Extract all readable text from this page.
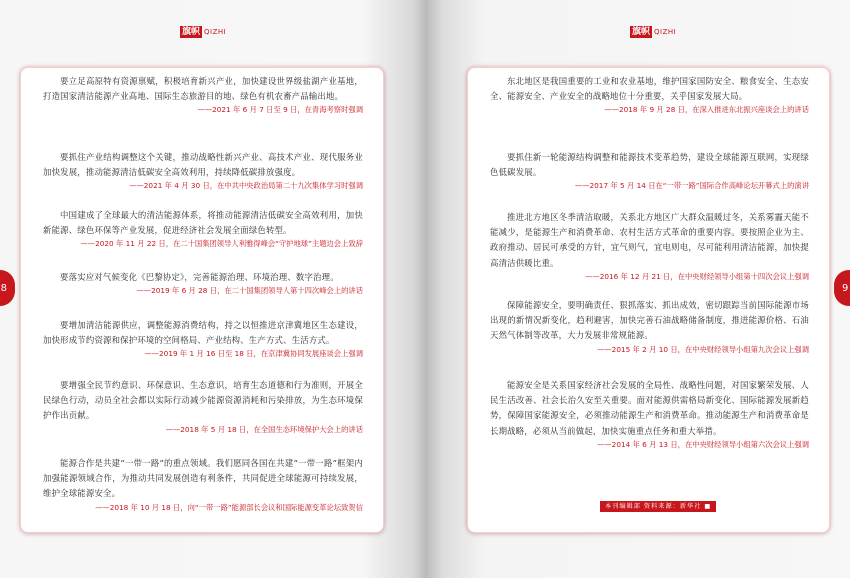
旗帜 QIZHI

要立足高原特有资源禀赋，积极培育新兴产业，加快建设世界级盐湖产业基地，打造国家清洁能源产业高地、国际生态旅游目的地、绿色有机农畜产品输出地。

——2021 年 6 月 7 日至 9 日，在青海考察时强调

要抓住产业结构调整这个关键，推动战略性新兴产业、高技术产业、现代服务业加快发展，推动能源清洁低碳安全高效利用，持续降低碳排放强度。

——2021 年 4 月 30 日，在中共中央政治局第二十九次集体学习时强调

中国建成了全球最大的清洁能源体系，将推动能源清洁低碳安全高效利用，加快新能源、绿色环保等产业发展，促进经济社会发展全面绿色转型。

——2020 年 11 月 22 日，在二十国集团领导人利雅得峰会“守护地球”主题边会上致辞

要落实应对气候变化《巴黎协定》，完善能源治理、环境治理、数字治理。

——2019 年 6 月 28 日，在二十国集团领导人第十四次峰会上的讲话

要增加清洁能源供应，调整能源消费结构，持之以恒推进京津冀地区生态建设，加快形成节约资源和保护环境的空间格局、产业结构、生产方式、生活方式。

——2019 年 1 月 16 日至 18 日，在京津冀协同发展座谈会上强调

要增强全民节约意识、环保意识、生态意识，培育生态道德和行为准则，开展全民绿色行动，动员全社会都以实际行动减少能源资源消耗和污染排放，为生态环境保护作出贡献。

——2018 年 5 月 18 日，在全国生态环境保护大会上的讲话

能源合作是共建“一带一路”的重点领域。我们愿同各国在共建“一带一路”框架内加强能源领域合作，为推动共同发展创造有利条件，共同促进全球能源可持续发展，维护全球能源安全。

——2018 年 10 月 18 日，向“一带一路”能源部长会议和国际能源变革论坛致贺信

8
旗帜 QIZHI

东北地区是我国重要的工业和农业基地，维护国家国防安全、粮食安全、生态安全、能源安全、产业安全的战略地位十分重要，关乎国家发展大局。

——2018 年 9 月 28 日，在深入推进东北振兴座谈会上的讲话

要抓住新一轮能源结构调整和能源技术变革趋势，建设全球能源互联网，实现绿色低碳发展。

——2017 年 5 月 14 日在“一带一路”国际合作高峰论坛开幕式上的演讲

推进北方地区冬季清洁取暖，关系北方地区广大群众温暖过冬，关系雾霾天能不能减少，是能源生产和消费革命、农村生活方式革命的重要内容。要按照企业为主、政府推动、居民可承受的方针，宜气则气，宜电则电，尽可能利用清洁能源，加快提高清洁供暖比重。

——2016 年 12 月 21 日，在中央财经领导小组第十四次会议上强调

保障能源安全，要明确责任、狠抓落实、抓出成效，密切跟踪当前国际能源市场出现的新情况新变化，趋利避害，加快完善石油战略储备制度，推进能源价格、石油天然气体制等改革，大力发展非常规能源。

——2015 年 2 月 10 日，在中央财经领导小组第九次会议上强调

能源安全是关系国家经济社会发展的全局性、战略性问题，对国家繁荣发展、人民生活改善、社会长治久安至关重要。面对能源供需格局新变化、国际能源发展新趋势，保障国家能源安全，必须推动能源生产和消费革命。推动能源生产和消费革命是长期战略，必须从当前做起，加快实施重点任务和重大举措。

——2014 年 6 月 13 日，在中央财经领导小组第六次会议上强调

本刊编辑部 资料来源：新华社 ■
9
